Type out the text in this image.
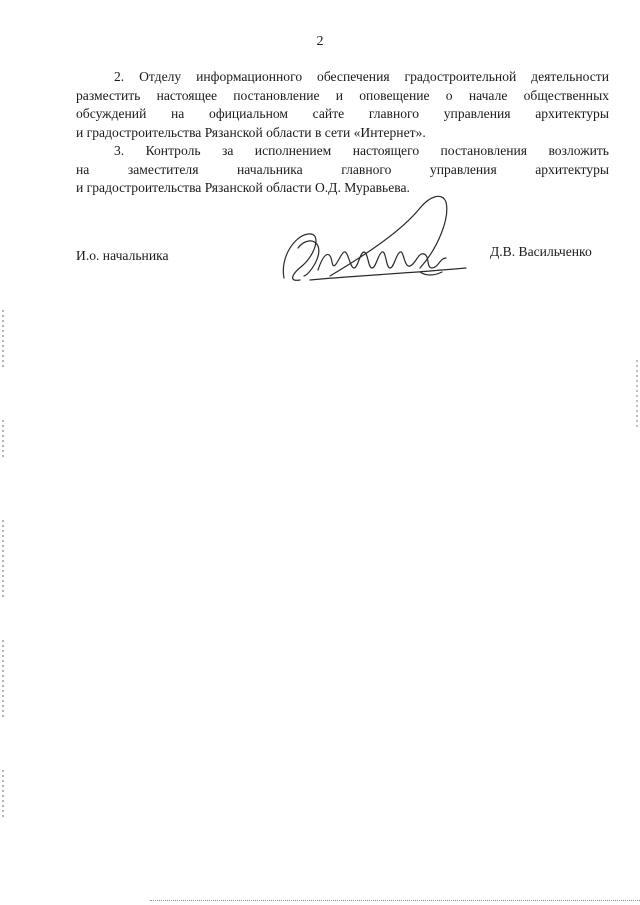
2
2. Отделу информационного обеспечения градостроительной деятельности
разместить настоящее постановление и оповещение о начале общественных
обсуждений на официальном сайте главного управления архитектуры
и градостроительства Рязанской области в сети «Интернет».
3. Контроль за исполнением настоящего постановления возложить
на заместителя начальника главного управления архитектуры
и градостроительства Рязанской области О.Д. Муравьева.
И.о. начальника	Д.В. Васильченко
